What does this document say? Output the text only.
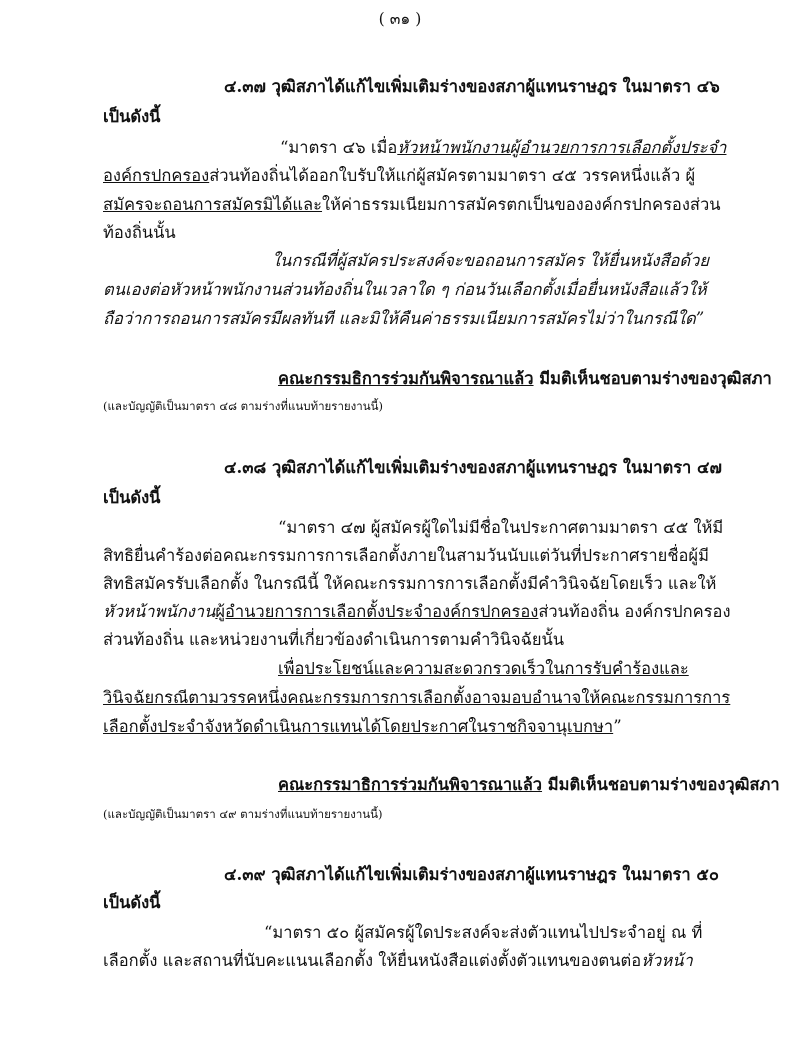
( ๓๑ )
๔.๓๗ วุฒิสภาได้แก้ไขเพิ่มเติมร่างของสภาผู้แทนราษฎร ในมาตรา ๔๖
เป็นดังนี้
“มาตรา ๔๖ เมื่อหัวหน้าพนักงานผู้อำนวยการการเลือกตั้งประจำ
องค์กรปกครองส่วนท้องถิ่นได้ออกใบรับให้แก่ผู้สมัครตามมาตรา ๔๕ วรรคหนึ่งแล้ว ผู้
สมัครจะถอนการสมัครมิได้และให้ค่าธรรมเนียมการสมัครตกเป็นขององค์กรปกครองส่วน
ท้องถิ่นนั้น
ในกรณีที่ผู้สมัครประสงค์จะขอถอนการสมัคร ให้ยื่นหนังสือด้วย
ตนเองต่อหัวหน้าพนักงานส่วนท้องถิ่นในเวลาใด ๆ ก่อนวันเลือกตั้งเมื่อยื่นหนังสือแล้วให้
ถือว่าการถอนการสมัครมีผลทันที และมิให้คืนค่าธรรมเนียมการสมัครไม่ว่าในกรณีใด”
คณะกรรมธิการร่วมกันพิจารณาแล้ว มีมติเห็นชอบตามร่างของวุฒิสภา
(และบัญญัติเป็นมาตรา ๔๘ ตามร่างที่แนบท้ายรายงานนี้)
๔.๓๘ วุฒิสภาได้แก้ไขเพิ่มเติมร่างของสภาผู้แทนราษฎร ในมาตรา ๔๗
เป็นดังนี้
“มาตรา ๔๗ ผู้สมัครผู้ใดไม่มีชื่อในประกาศตามมาตรา ๔๕ ให้มี
สิทธิยื่นคำร้องต่อคณะกรรมการการเลือกตั้งภายในสามวันนับแต่วันที่ประกาศรายชื่อผู้มี
สิทธิสมัครรับเลือกตั้ง ในกรณีนี้ ให้คณะกรรมการการเลือกตั้งมีคำวินิจฉัยโดยเร็ว และให้
หัวหน้าพนักงานผู้อำนวยการการเลือกตั้งประจำองค์กรปกครองส่วนท้องถิ่น องค์กรปกครอง
ส่วนท้องถิ่น และหน่วยงานที่เกี่ยวข้องดำเนินการตามคำวินิจฉัยนั้น
เพื่อประโยชน์และความสะดวกรวดเร็วในการรับคำร้องและ
วินิจฉัยกรณีตามวรรคหนึ่งคณะกรรมการการเลือกตั้งอาจมอบอำนาจให้คณะกรรมการการ
เลือกตั้งประจำจังหวัดดำเนินการแทนได้โดยประกาศในราชกิจจานุเบกษา”
คณะกรรมาธิการร่วมกันพิจารณาแล้ว มีมติเห็นชอบตามร่างของวุฒิสภา
(และบัญญัติเป็นมาตรา ๔๙ ตามร่างที่แนบท้ายรายงานนี้)
๔.๓๙ วุฒิสภาได้แก้ไขเพิ่มเติมร่างของสภาผู้แทนราษฎร ในมาตรา ๕๐
เป็นดังนี้
“มาตรา ๕๐ ผู้สมัครผู้ใดประสงค์จะส่งตัวแทนไปประจำอยู่ ณ ที่
เลือกตั้ง และสถานที่นับคะแนนเลือกตั้ง ให้ยื่นหนังสือแต่งตั้งตัวแทนของตนต่อหัวหน้า
